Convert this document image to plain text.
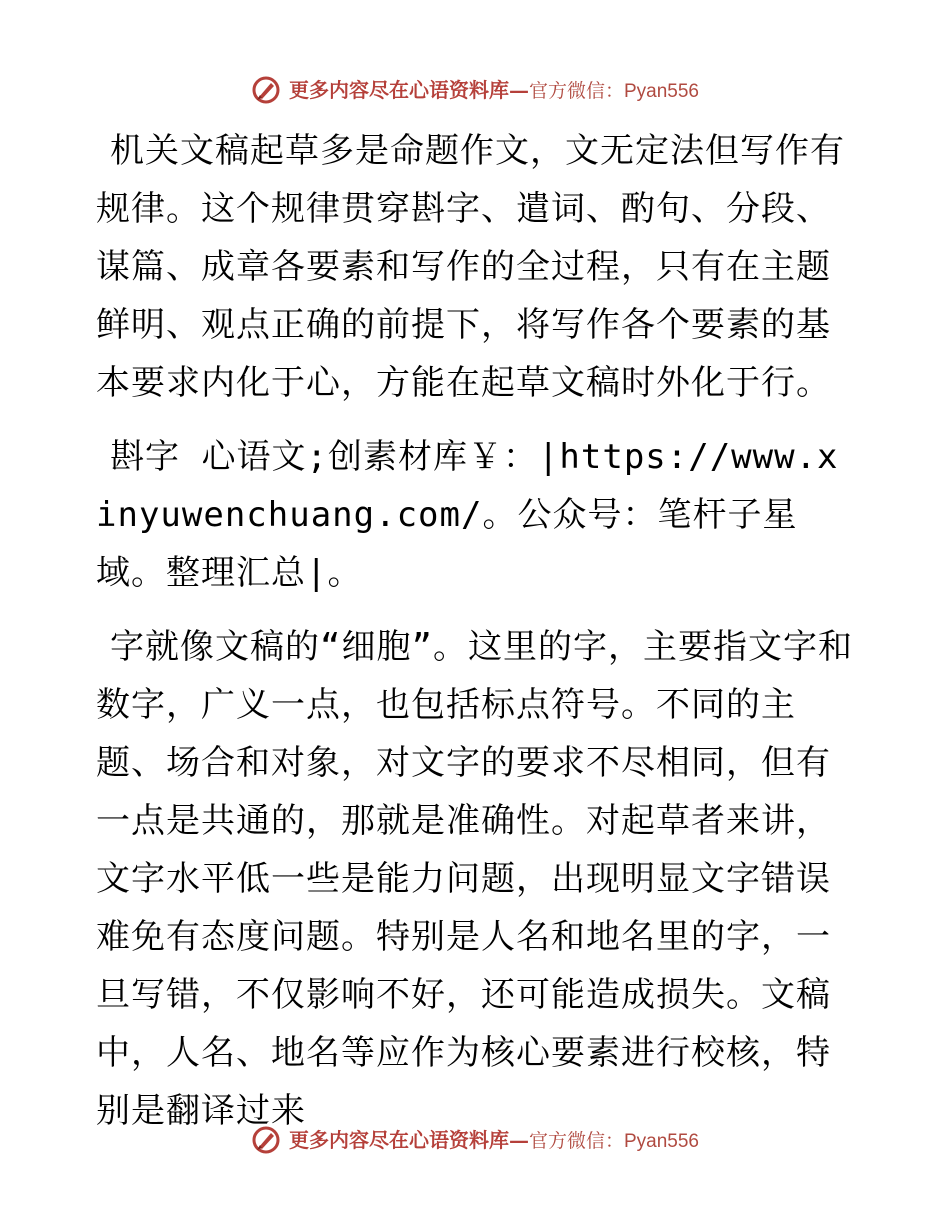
更多内容尽在心语资料库—官方微信：Pyan556

机关文稿起草多是命题作文，文无定法但写作有规律。这个规律贯穿斟字、遣词、酌句、分段、谋篇、成章各要素和写作的全过程，只有在主题鲜明、观点正确的前提下，将写作各个要素的基本要求内化于心，方能在起草文稿时外化于行。

斟字 心语文;创素材库￥：|https://www.xinyuwenchuang.com/。公众号：笔杆子星域。整理汇总|。

字就像文稿的“细胞”。这里的字，主要指文字和数字，广义一点，也包括标点符号。不同的主题、场合和对象，对文字的要求不尽相同，但有一点是共通的，那就是准确性。对起草者来讲，文字水平低一些是能力问题，出现明显文字错误难免有态度问题。特别是人名和地名里的字，一旦写错，不仅影响不好，还可能造成损失。文稿中，人名、地名等应作为核心要素进行校核，特别是翻译过来

更多内容尽在心语资料库—官方微信：Pyan556
